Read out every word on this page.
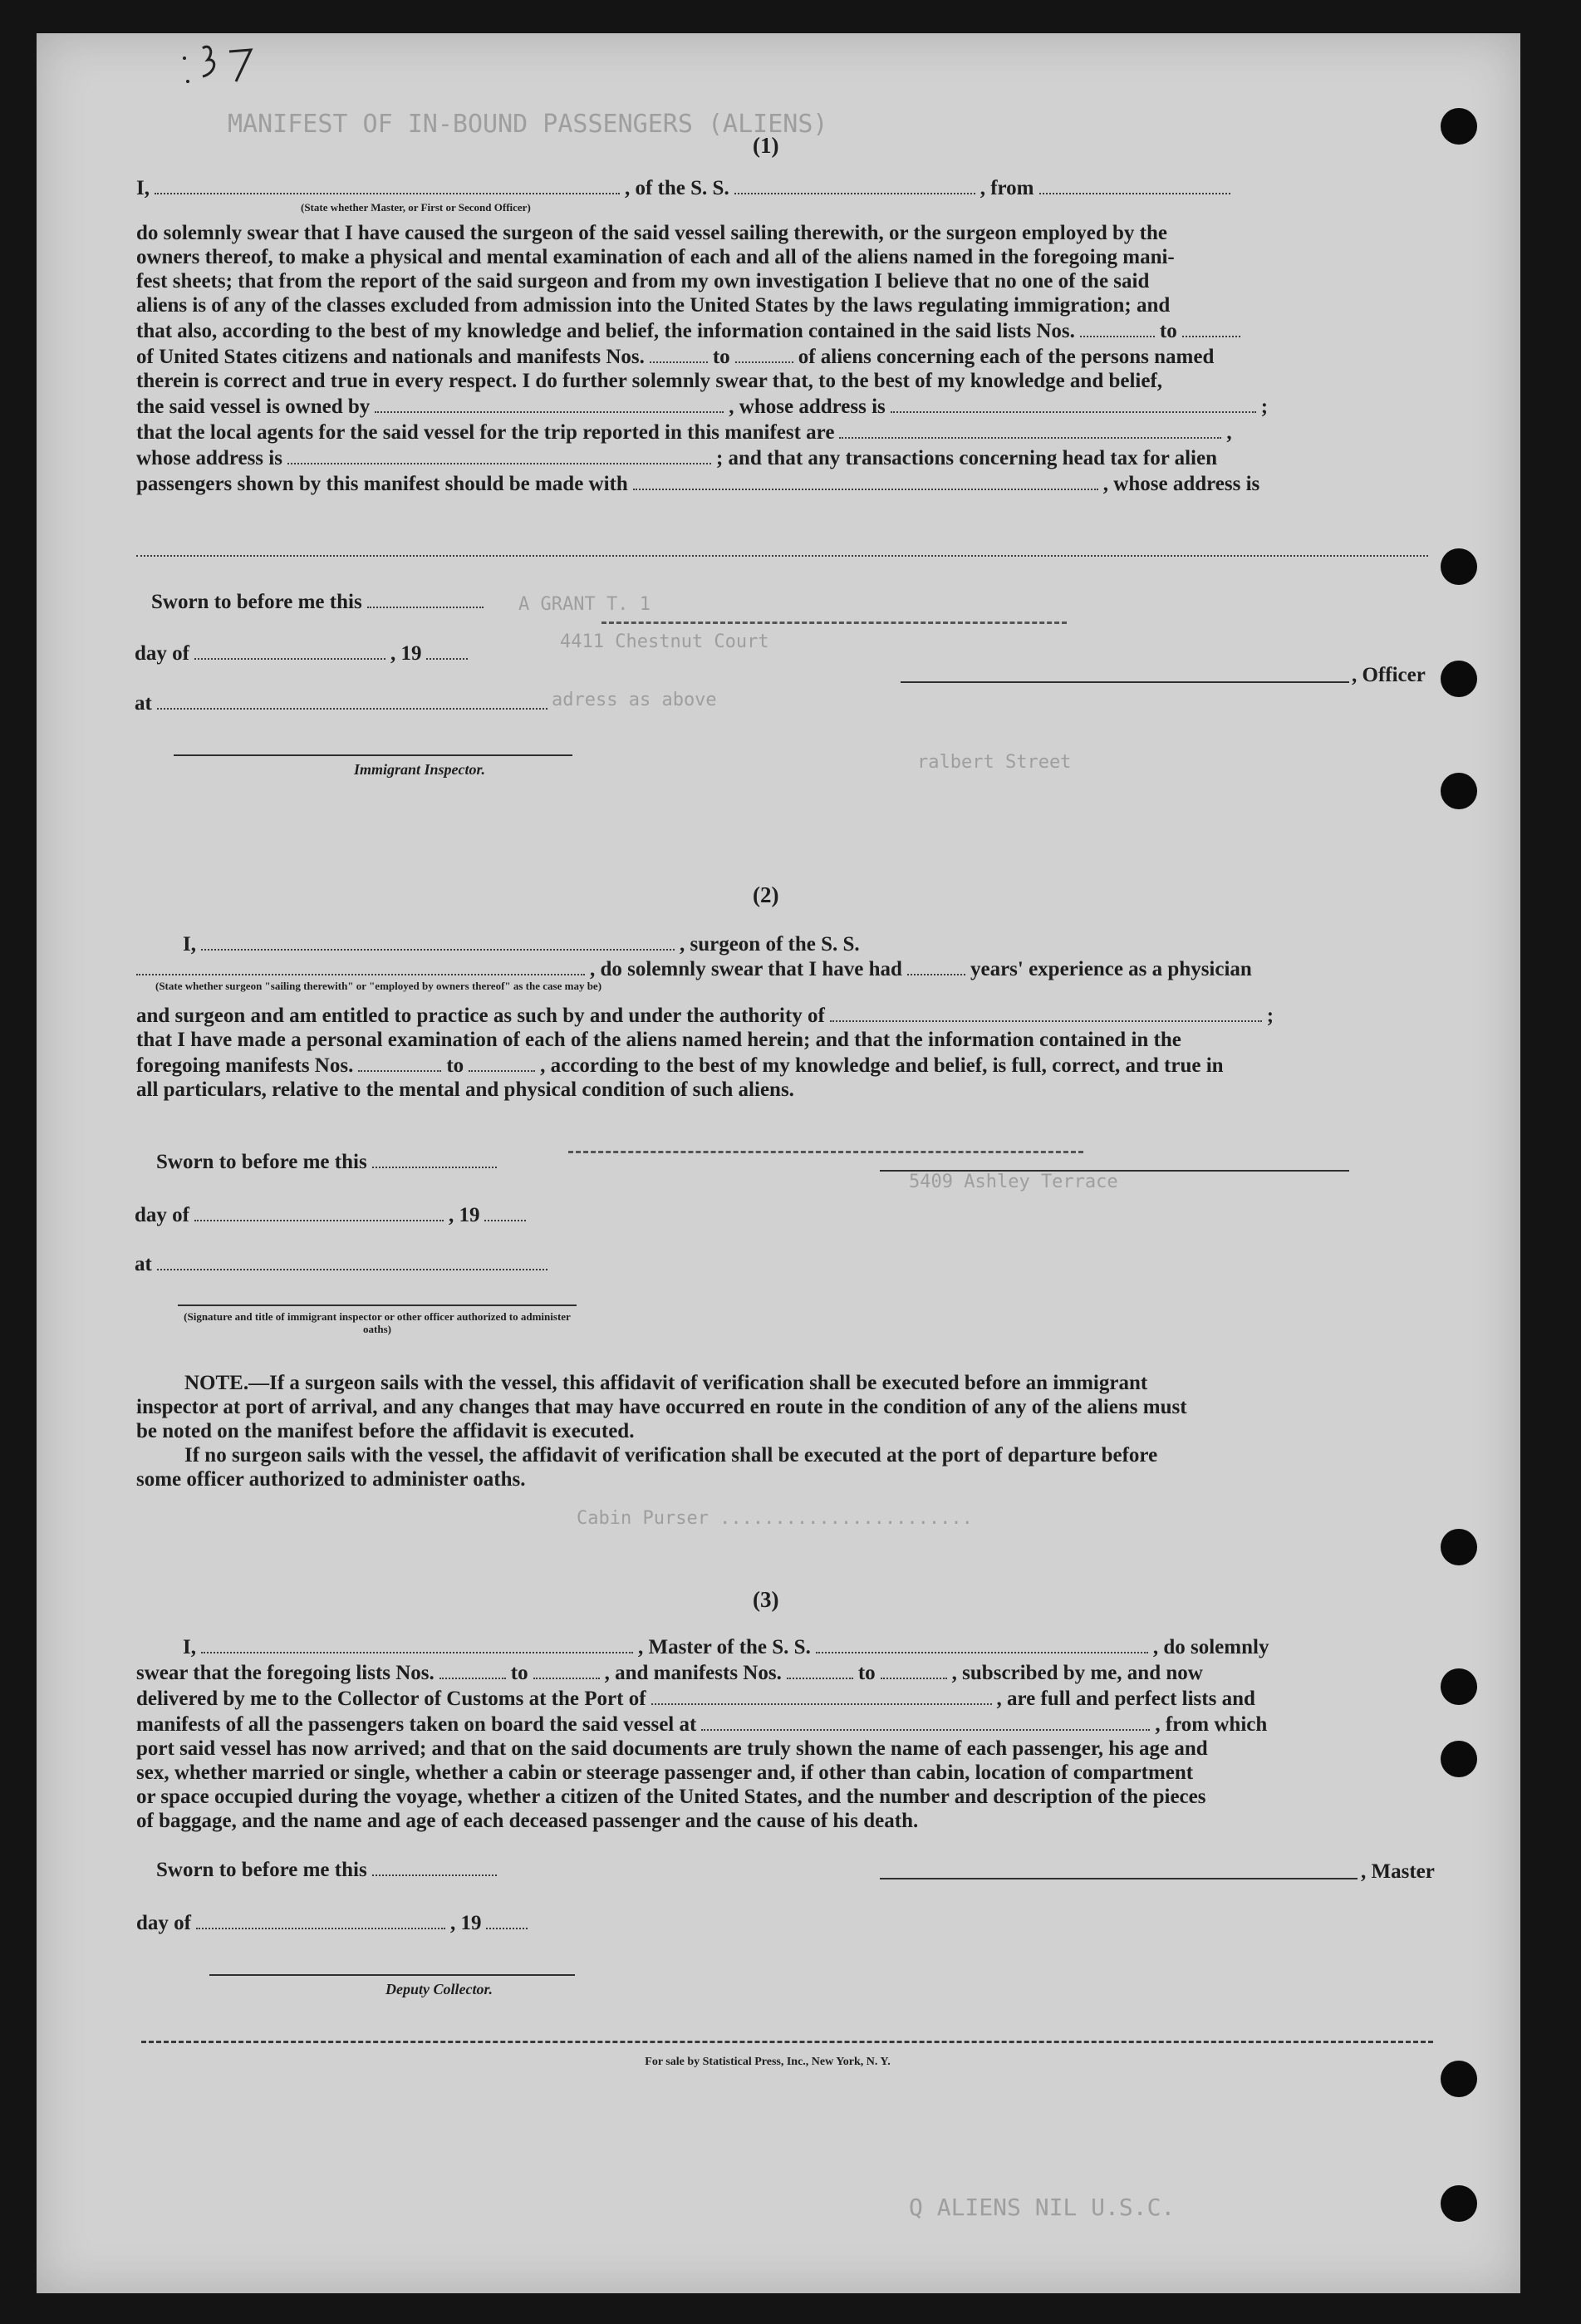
MANIFEST OF IN-BOUND PASSENGERS (ALIENS)
A GRANT T. 1
4411 Chestnut Court
adress as above
ralbert Street
5409 Ashley Terrace
Cabin Purser .......................
Q ALIENS NIL U.S.C.
(1)
I,	, of the S. S.	, from
(State whether Master, or First or Second Officer)
do solemnly swear that I have caused the surgeon of the said vessel sailing therewith, or the surgeon employed by the
owners thereof, to make a physical and mental examination of each and all of the aliens named in the foregoing mani-
fest sheets; that from the report of the said surgeon and from my own investigation I believe that no one of the said
aliens is of any of the classes excluded from admission into the United States by the laws regulating immigration; and
that also, according to the best of my knowledge and belief, the information contained in the said lists Nos.	to
of United States citizens and nationals and manifests Nos.	to	of aliens concerning each of the persons named
therein is correct and true in every respect. I do further solemnly swear that, to the best of my knowledge and belief,
the said vessel is owned by	, whose address is	;
that the local agents for the said vessel for the trip reported in this manifest are	,
whose address is	; and that any transactions concerning head tax for alien
passengers shown by this manifest should be made with	, whose address is
Sworn to before me this
day of	, 19
at
, Officer
Immigrant Inspector.
(2)
I,	, surgeon of the S. S.
, do solemnly swear that I have had	years' experience as a physician
(State whether surgeon "sailing therewith" or "employed by owners thereof" as the case may be)
and surgeon and am entitled to practice as such by and under the authority of	;
that I have made a personal examination of each of the aliens named herein; and that the information contained in the
foregoing manifests Nos.	to	, according to the best of my knowledge and belief, is full, correct, and true in
all particulars, relative to the mental and physical condition of such aliens.
Sworn to before me this
day of	, 19
at
(Signature and title of immigrant inspector or other officer authorized to administer oaths)
NOTE.—If a surgeon sails with the vessel, this affidavit of verification shall be executed before an immigrant
inspector at port of arrival, and any changes that may have occurred en route in the condition of any of the aliens must
be noted on the manifest before the affidavit is executed.
If no surgeon sails with the vessel, the affidavit of verification shall be executed at the port of departure before
some officer authorized to administer oaths.
(3)
I,	, Master of the S. S.	, do solemnly
swear that the foregoing lists Nos.	to	, and manifests Nos.	to	, subscribed by me, and now
delivered by me to the Collector of Customs at the Port of	, are full and perfect lists and
manifests of all the passengers taken on board the said vessel at	, from which
port said vessel has now arrived; and that on the said documents are truly shown the name of each passenger, his age and
sex, whether married or single, whether a cabin or steerage passenger and, if other than cabin, location of compartment
or space occupied during the voyage, whether a citizen of the United States, and the number and description of the pieces
of baggage, and the name and age of each deceased passenger and the cause of his death.
Sworn to before me this	, Master
day of	, 19
Deputy Collector.
For sale by Statistical Press, Inc., New York, N. Y.
